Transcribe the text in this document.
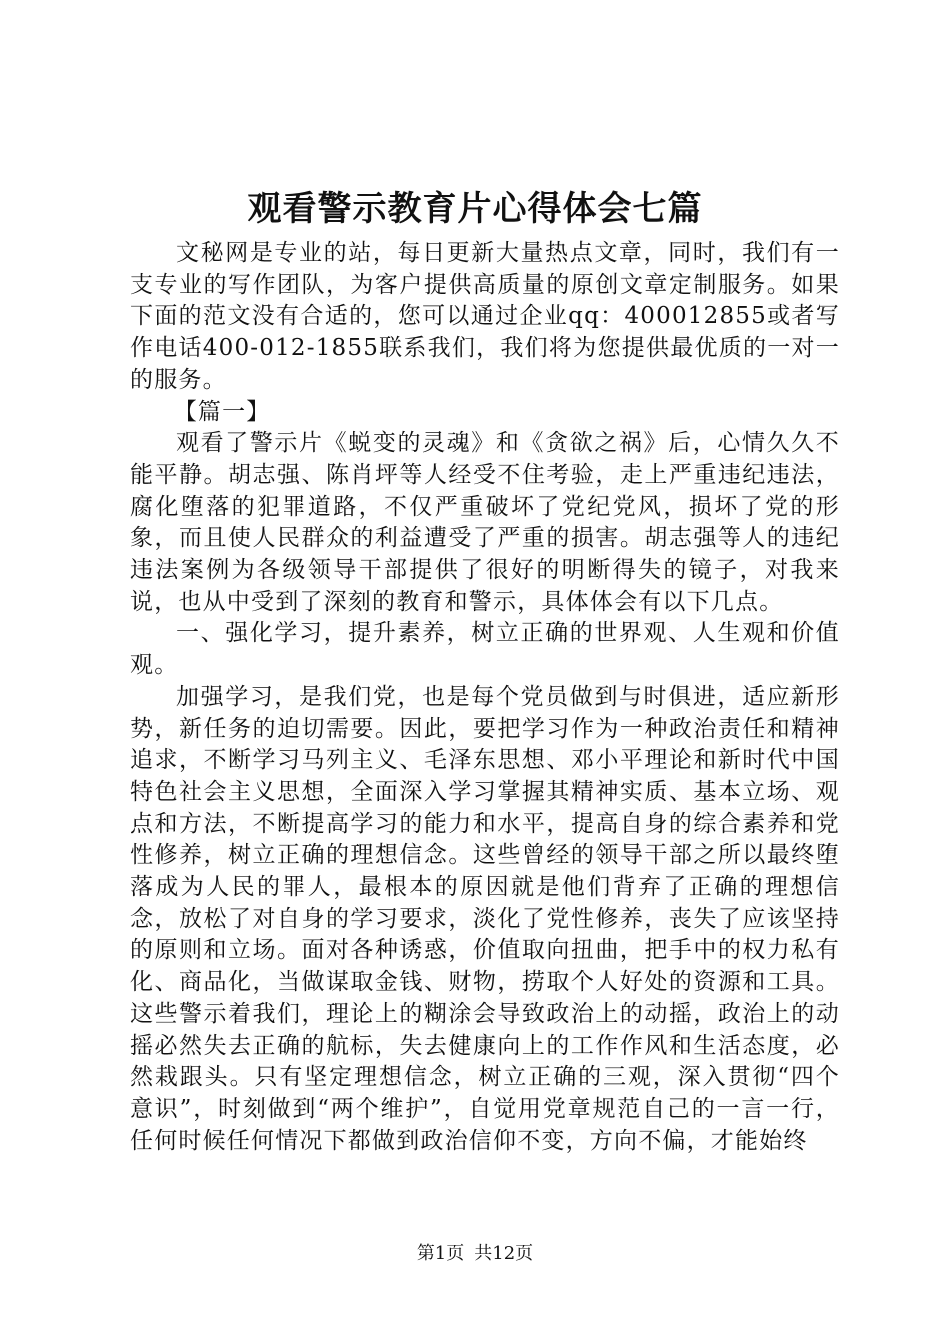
观看警示教育片心得体会七篇

文秘网是专业的站，每日更新大量热点文章，同时，我们有一支专业的写作团队，为客户提供高质量的原创文章定制服务。如果下面的范文没有合适的，您可以通过企业qq：400012855或者写作电话400-012-1855联系我们，我们将为您提供最优质的一对一的服务。

【篇一】

观看了警示片《蜕变的灵魂》和《贪欲之祸》后，心情久久不能平静。胡志强、陈肖坪等人经受不住考验，走上严重违纪违法，腐化堕落的犯罪道路，不仅严重破坏了党纪党风，损坏了党的形象，而且使人民群众的利益遭受了严重的损害。胡志强等人的违纪违法案例为各级领导干部提供了很好的明断得失的镜子，对我来说，也从中受到了深刻的教育和警示，具体体会有以下几点。

一、强化学习，提升素养，树立正确的世界观、人生观和价值观。

加强学习，是我们党，也是每个党员做到与时俱进，适应新形势，新任务的迫切需要。因此，要把学习作为一种政治责任和精神追求，不断学习马列主义、毛泽东思想、邓小平理论和新时代中国特色社会主义思想，全面深入学习掌握其精神实质、基本立场、观点和方法，不断提高学习的能力和水平，提高自身的综合素养和党性修养，树立正确的理想信念。这些曾经的领导干部之所以最终堕落成为人民的罪人，最根本的原因就是他们背弃了正确的理想信念，放松了对自身的学习要求，淡化了党性修养，丧失了应该坚持的原则和立场。面对各种诱惑，价值取向扭曲，把手中的权力私有化、商品化，当做谋取金钱、财物，捞取个人好处的资源和工具。这些警示着我们，理论上的糊涂会导致政治上的动摇，政治上的动摇必然失去正确的航标，失去健康向上的工作作风和生活态度，必然栽跟头。只有坚定理想信念，树立正确的三观，深入贯彻“四个意识”，时刻做到“两个维护”，自觉用党章规范自己的一言一行，任何时候任何情况下都做到政治信仰不变，方向不偏，才能始终

第1页 共12页
